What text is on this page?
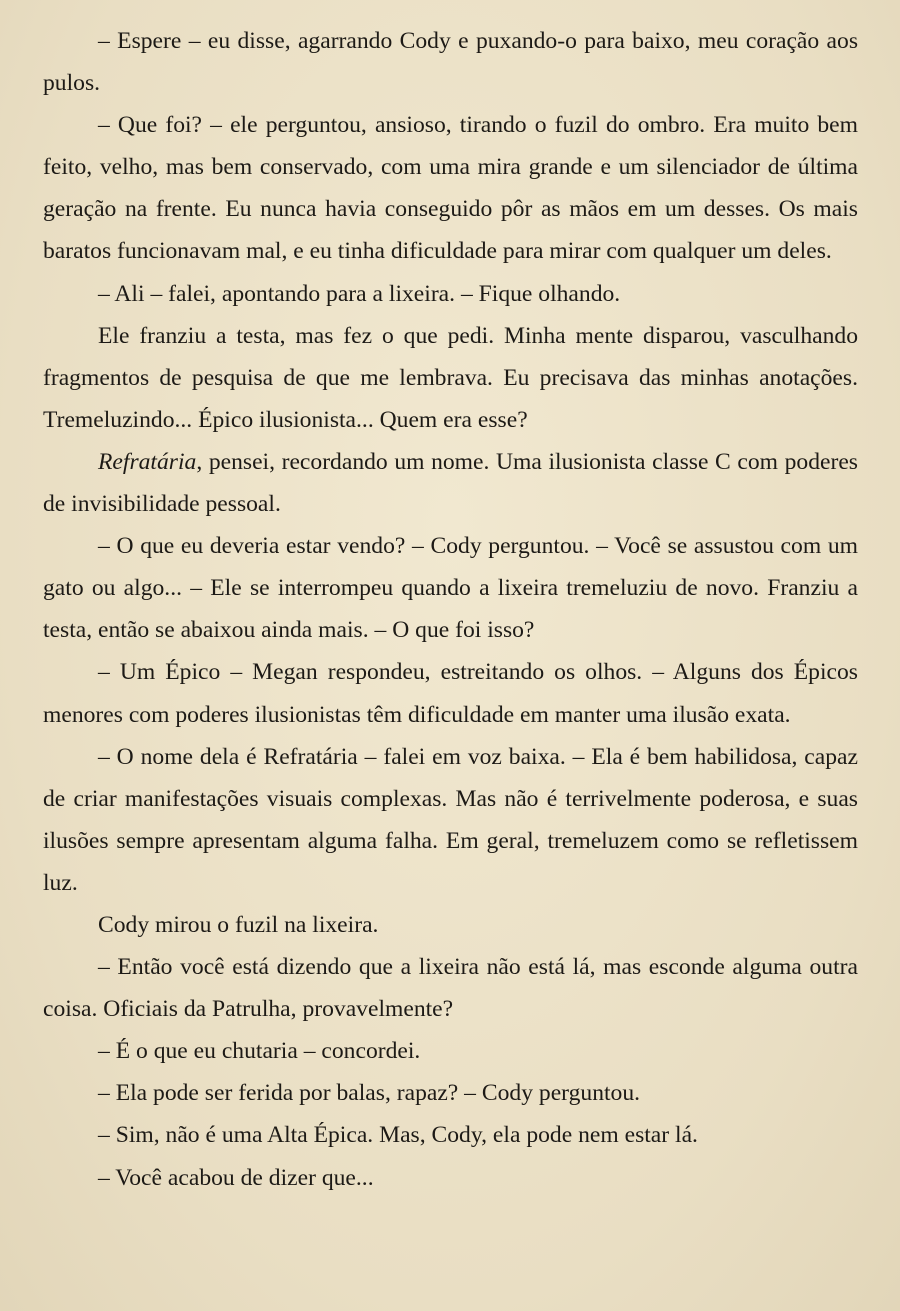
– Espere – eu disse, agarrando Cody e puxando-o para baixo, meu coração aos pulos.

– Que foi? – ele perguntou, ansioso, tirando o fuzil do ombro. Era muito bem feito, velho, mas bem conservado, com uma mira grande e um silenciador de última geração na frente. Eu nunca havia conseguido pôr as mãos em um desses. Os mais baratos funcionavam mal, e eu tinha dificuldade para mirar com qualquer um deles.

– Ali – falei, apontando para a lixeira. – Fique olhando.

Ele franziu a testa, mas fez o que pedi. Minha mente disparou, vasculhando fragmentos de pesquisa de que me lembrava. Eu precisava das minhas anotações. Tremeluzindo... Épico ilusionista... Quem era esse?

Refratária, pensei, recordando um nome. Uma ilusionista classe C com poderes de invisibilidade pessoal.

– O que eu deveria estar vendo? – Cody perguntou. – Você se assustou com um gato ou algo... – Ele se interrompeu quando a lixeira tremeluziu de novo. Franziu a testa, então se abaixou ainda mais. – O que foi isso?

– Um Épico – Megan respondeu, estreitando os olhos. – Alguns dos Épicos menores com poderes ilusionistas têm dificuldade em manter uma ilusão exata.

– O nome dela é Refratária – falei em voz baixa. – Ela é bem habilidosa, capaz de criar manifestações visuais complexas. Mas não é terrivelmente poderosa, e suas ilusões sempre apresentam alguma falha. Em geral, tremeluzem como se refletissem luz.

Cody mirou o fuzil na lixeira.

– Então você está dizendo que a lixeira não está lá, mas esconde alguma outra coisa. Oficiais da Patrulha, provavelmente?

– É o que eu chutaria – concordei.

– Ela pode ser ferida por balas, rapaz? – Cody perguntou.

– Sim, não é uma Alta Épica. Mas, Cody, ela pode nem estar lá.

– Você acabou de dizer que...
